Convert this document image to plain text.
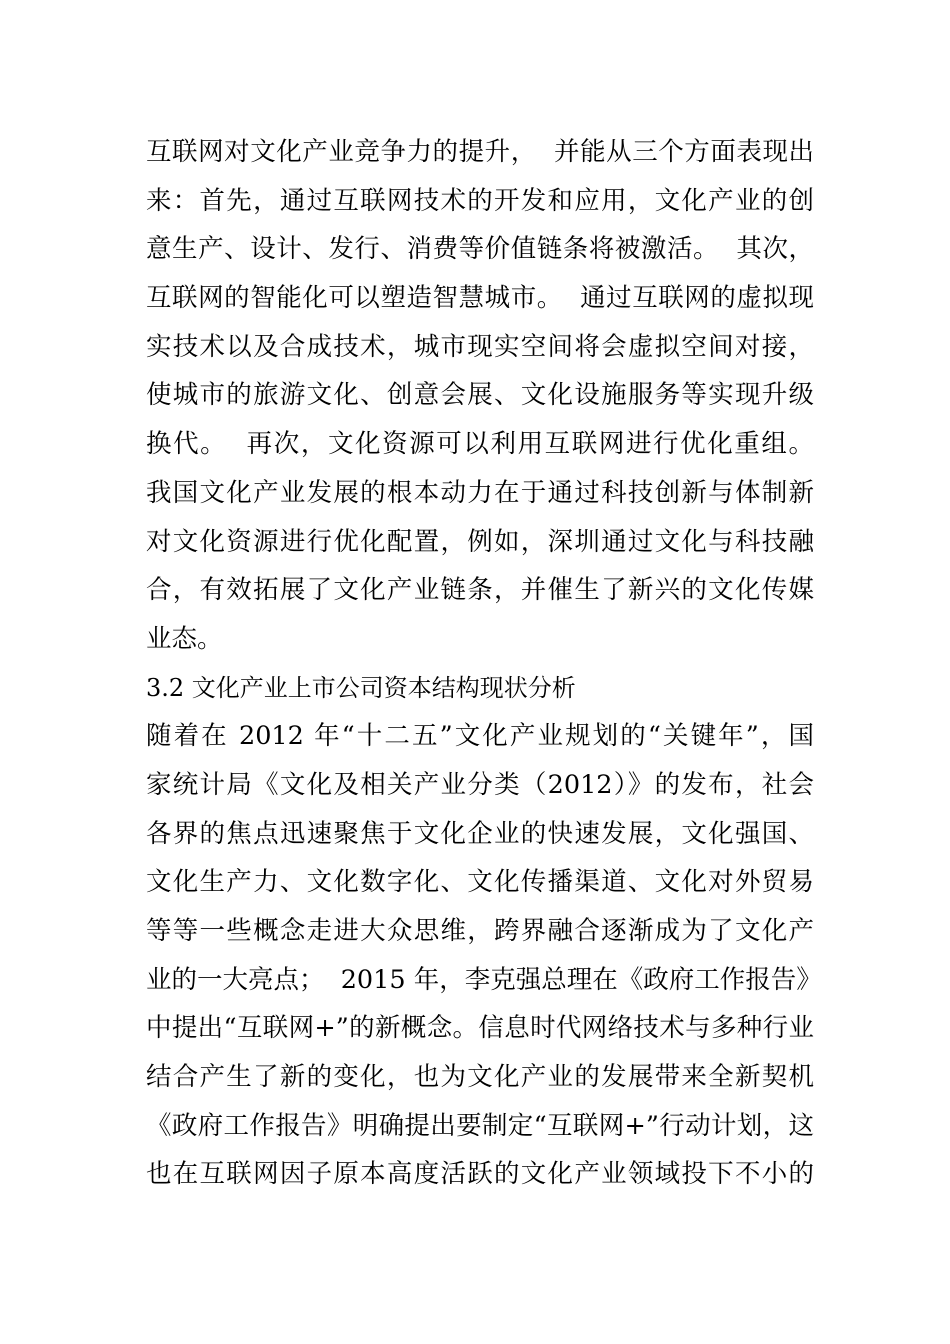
互联网对文化产业竞争力的提升，  并能从三个方面表现出
来：首先，通过互联网技术的开发和应用，文化产业的创
意生产、设计、发行、消费等价值链条将被激活。  其次，
互联网的智能化可以塑造智慧城市。  通过互联网的虚拟现
实技术以及合成技术，城市现实空间将会虚拟空间对接，
使城市的旅游文化、创意会展、文化设施服务等实现升级
换代。  再次，文化资源可以利用互联网进行优化重组。
我国文化产业发展的根本动力在于通过科技创新与体制新
对文化资源进行优化配置，例如，深圳通过文化与科技融
合，有效拓展了文化产业链条，并催生了新兴的文化传媒
业态。
3.2 文化产业上市公司资本结构现状分析
随着在 2012 年“十二五”文化产业规划的“关键年”，国
家统计局《文化及相关产业分类（2012）》的发布，社会
各界的焦点迅速聚焦于文化企业的快速发展，文化强国、
文化生产力、文化数字化、文化传播渠道、文化对外贸易
等等一些概念走进大众思维，跨界融合逐渐成为了文化产
业的一大亮点；  2015 年，李克强总理在《政府工作报告》
中提出“互联网+”的新概念。信息时代网络技术与多种行业
结合产生了新的变化，也为文化产业的发展带来全新契机
《政府工作报告》明确提出要制定“互联网+”行动计划，这
也在互联网因子原本高度活跃的文化产业领域投下不小的
